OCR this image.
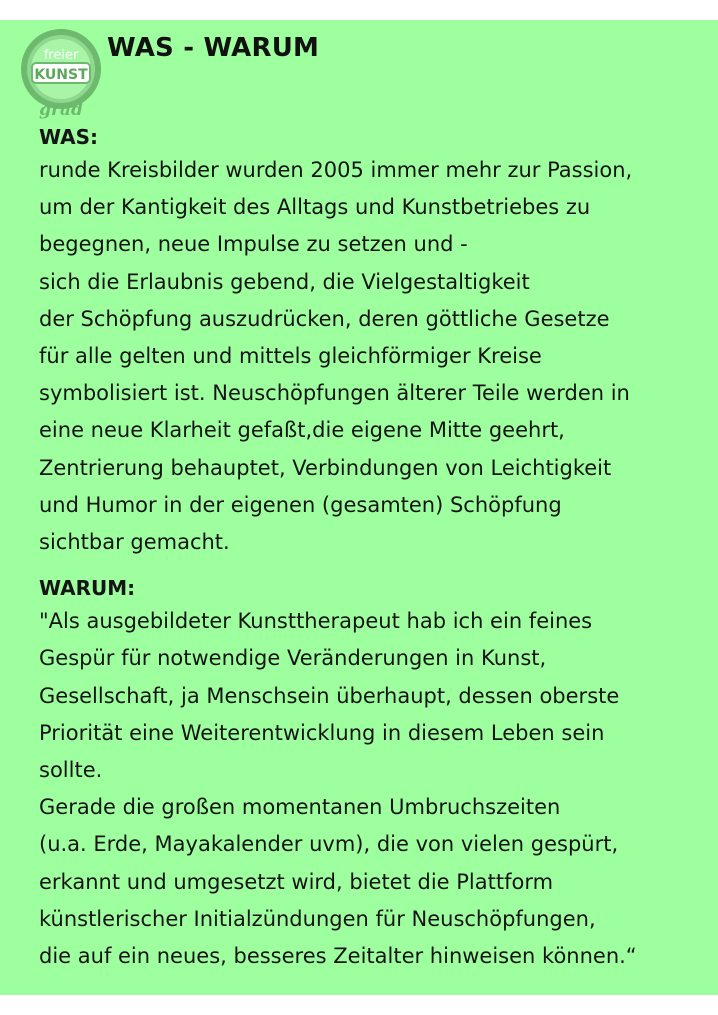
freier
KUNST
grad
WAS - WARUM
WAS:
runde Kreisbilder wurden 2005 immer mehr zur Passion,
um der Kantigkeit des Alltags und Kunstbetriebes zu
begegnen, neue Impulse zu setzen und -
sich die Erlaubnis gebend, die Vielgestaltigkeit
der Schöpfung auszudrücken, deren göttliche Gesetze
für alle gelten und mittels gleichförmiger Kreise
symbolisiert ist. Neuschöpfungen älterer Teile werden in
eine neue Klarheit gefaßt,die eigene Mitte geehrt,
Zentrierung behauptet, Verbindungen von Leichtigkeit
und Humor in der eigenen (gesamten) Schöpfung
sichtbar gemacht.
WARUM:
"Als ausgebildeter Kunsttherapeut hab ich ein feines
Gespür für notwendige Veränderungen in Kunst,
Gesellschaft, ja Menschsein überhaupt, dessen oberste
Priorität eine Weiterentwicklung in diesem Leben sein
sollte.
Gerade die großen momentanen Umbruchszeiten
(u.a. Erde, Mayakalender uvm), die von vielen gespürt,
erkannt und umgesetzt wird, bietet die Plattform
künstlerischer Initialzündungen für Neuschöpfungen,
die auf ein neues, besseres Zeitalter hinweisen können.“
